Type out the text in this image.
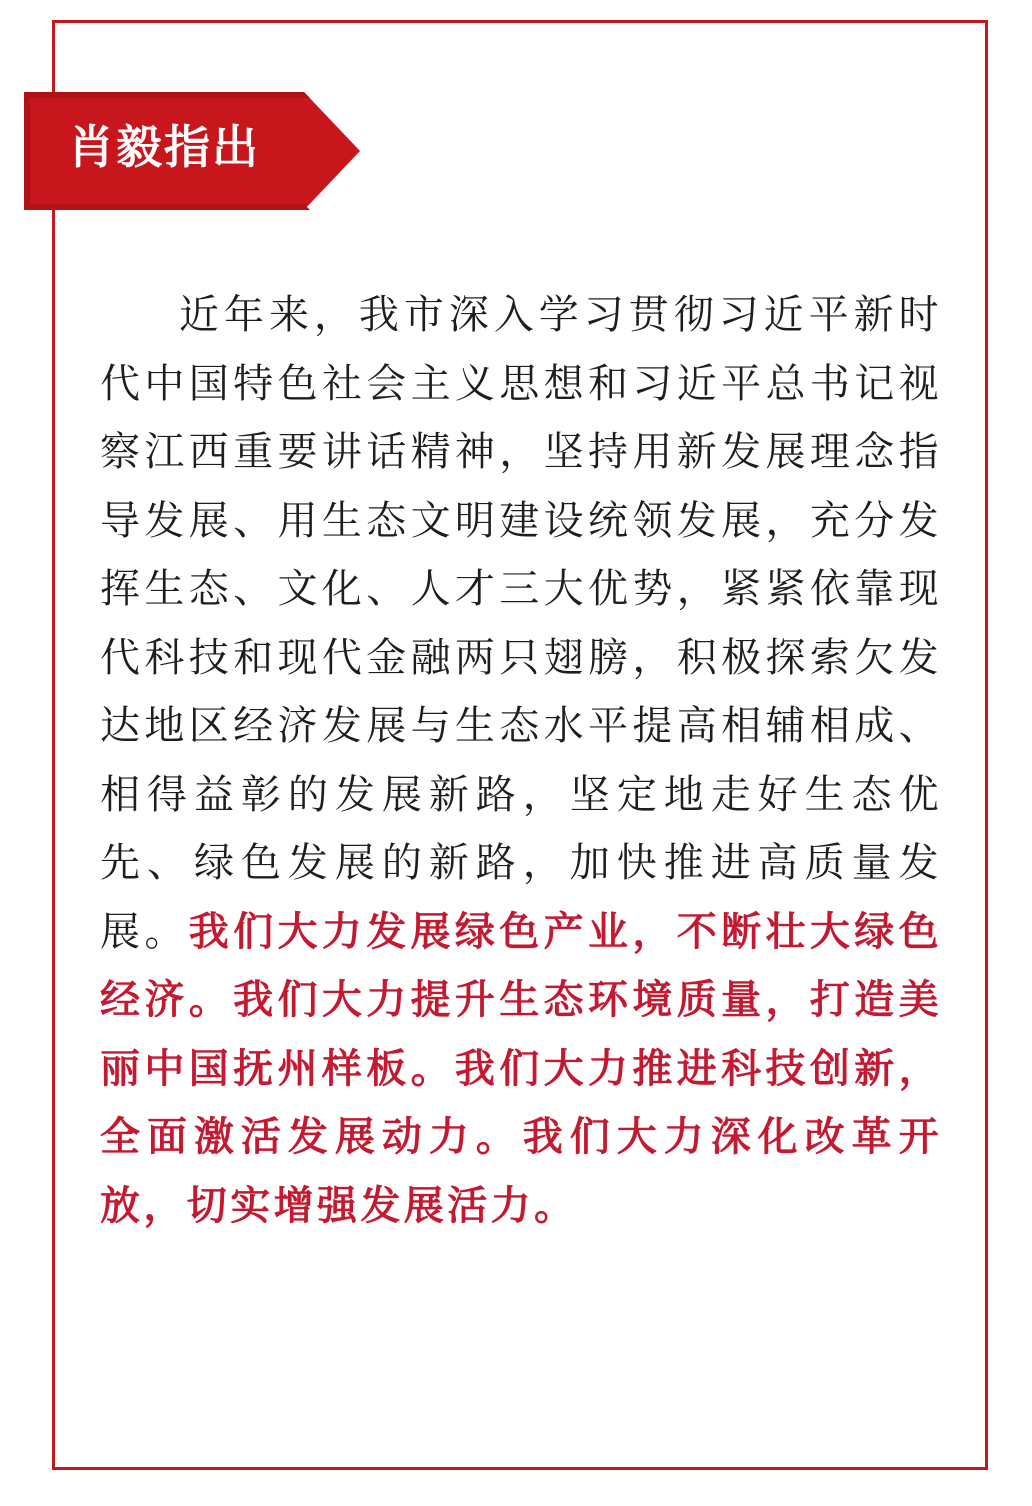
肖毅指出

近年来，我市深入学习贯彻习近平新时代中国特色社会主义思想和习近平总书记视察江西重要讲话精神，坚持用新发展理念指导发展、用生态文明建设统领发展，充分发挥生态、文化、人才三大优势，紧紧依靠现代科技和现代金融两只翅膀，积极探索欠发达地区经济发展与生态水平提高相辅相成、相得益彰的发展新路，坚定地走好生态优先、绿色发展的新路，加快推进高质量发展。我们大力发展绿色产业，不断壮大绿色经济。我们大力提升生态环境质量，打造美丽中国抚州样板。我们大力推进科技创新，全面激活发展动力。我们大力深化改革开放，切实增强发展活力。
